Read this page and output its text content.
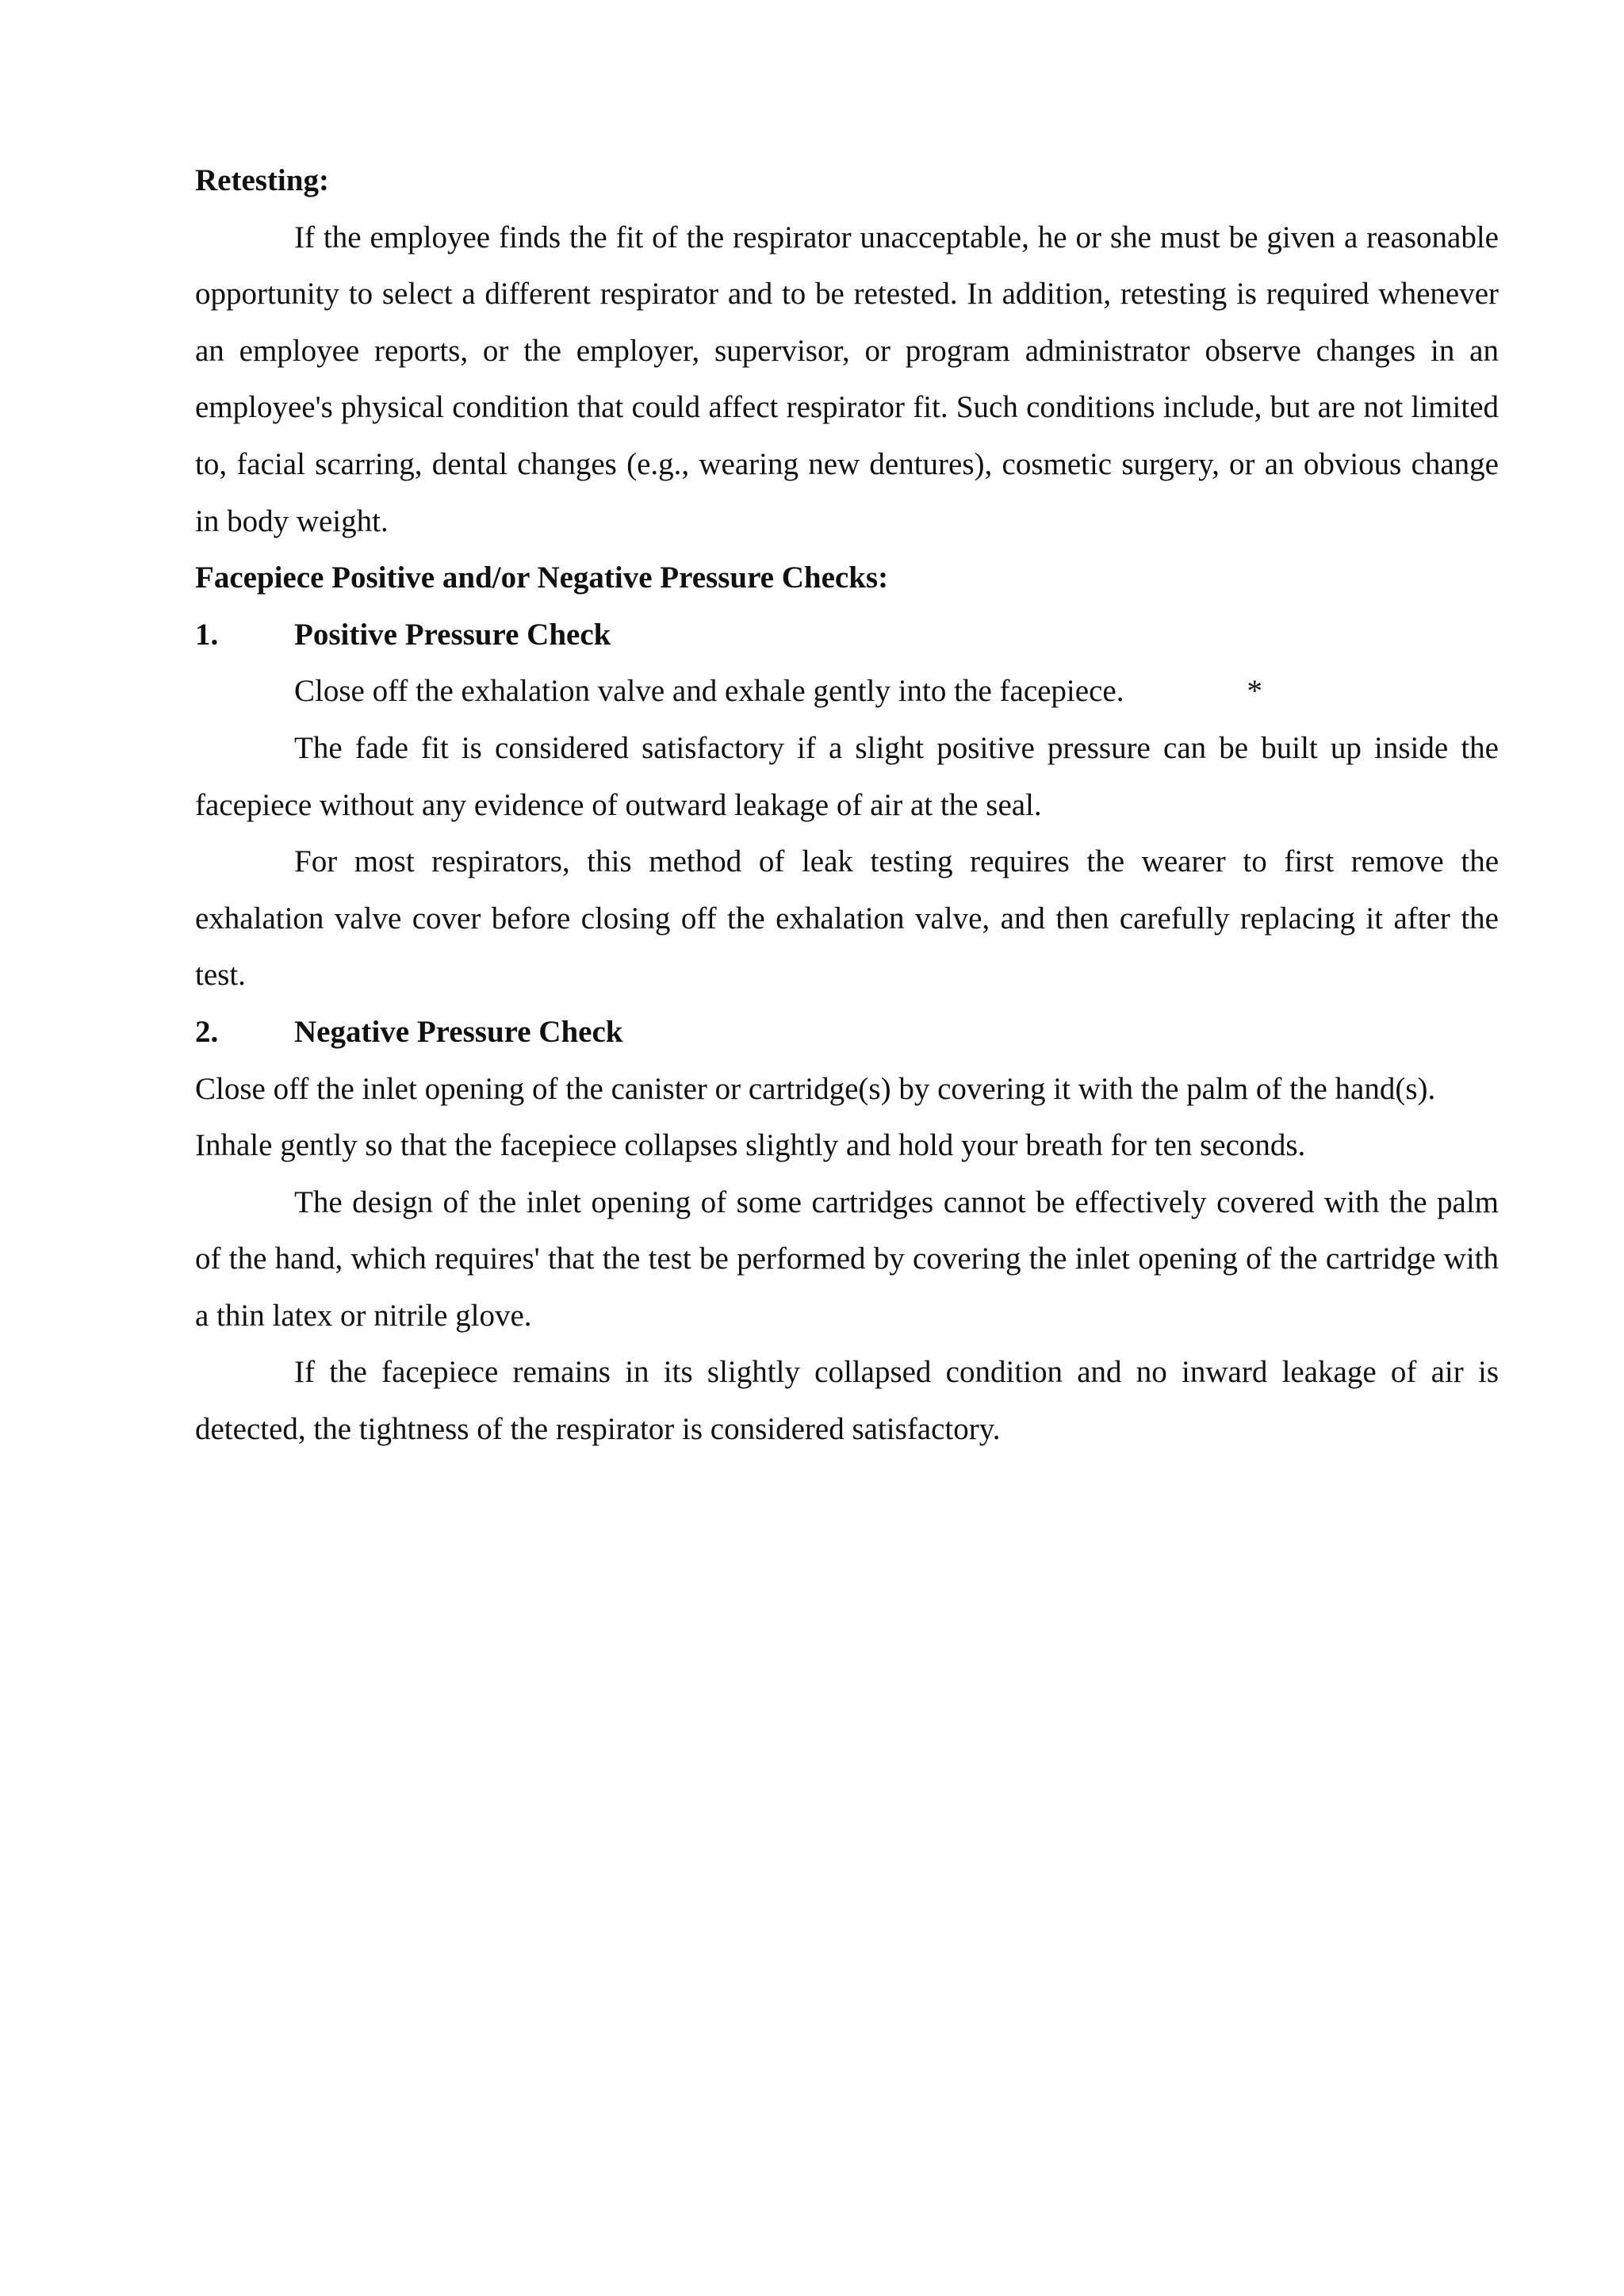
Retesting:

If the employee finds the fit of the respirator unacceptable, he or she must be given a reasonable opportunity to select a different respirator and to be retested. In addition, retesting is required whenever an employee reports, or the employer, supervisor, or program administrator observe changes in an employee's physical condition that could affect respirator fit. Such conditions include, but are not limited to, facial scarring, dental changes (e.g., wearing new dentures), cosmetic surgery, or an obvious change in body weight.

Facepiece Positive and/or Negative Pressure Checks:

1.	Positive Pressure Check

Close off the exhalation valve and exhale gently into the facepiece.	*

The fade fit is considered satisfactory if a slight positive pressure can be built up inside the facepiece without any evidence of outward leakage of air at the seal.

For most respirators, this method of leak testing requires the wearer to first remove the exhalation valve cover before closing off the exhalation valve, and then carefully replacing it after the test.

2.	Negative Pressure Check

Close off the inlet opening of the canister or cartridge(s) by covering it with the palm of the hand(s).

Inhale gently so that the facepiece collapses slightly and hold your breath for ten seconds.

The design of the inlet opening of some cartridges cannot be effectively covered with the palm of the hand, which requires' that the test be performed by covering the inlet opening of the cartridge with a thin latex or nitrile glove.

If the facepiece remains in its slightly collapsed condition and no inward leakage of air is detected, the tightness of the respirator is considered satisfactory.
